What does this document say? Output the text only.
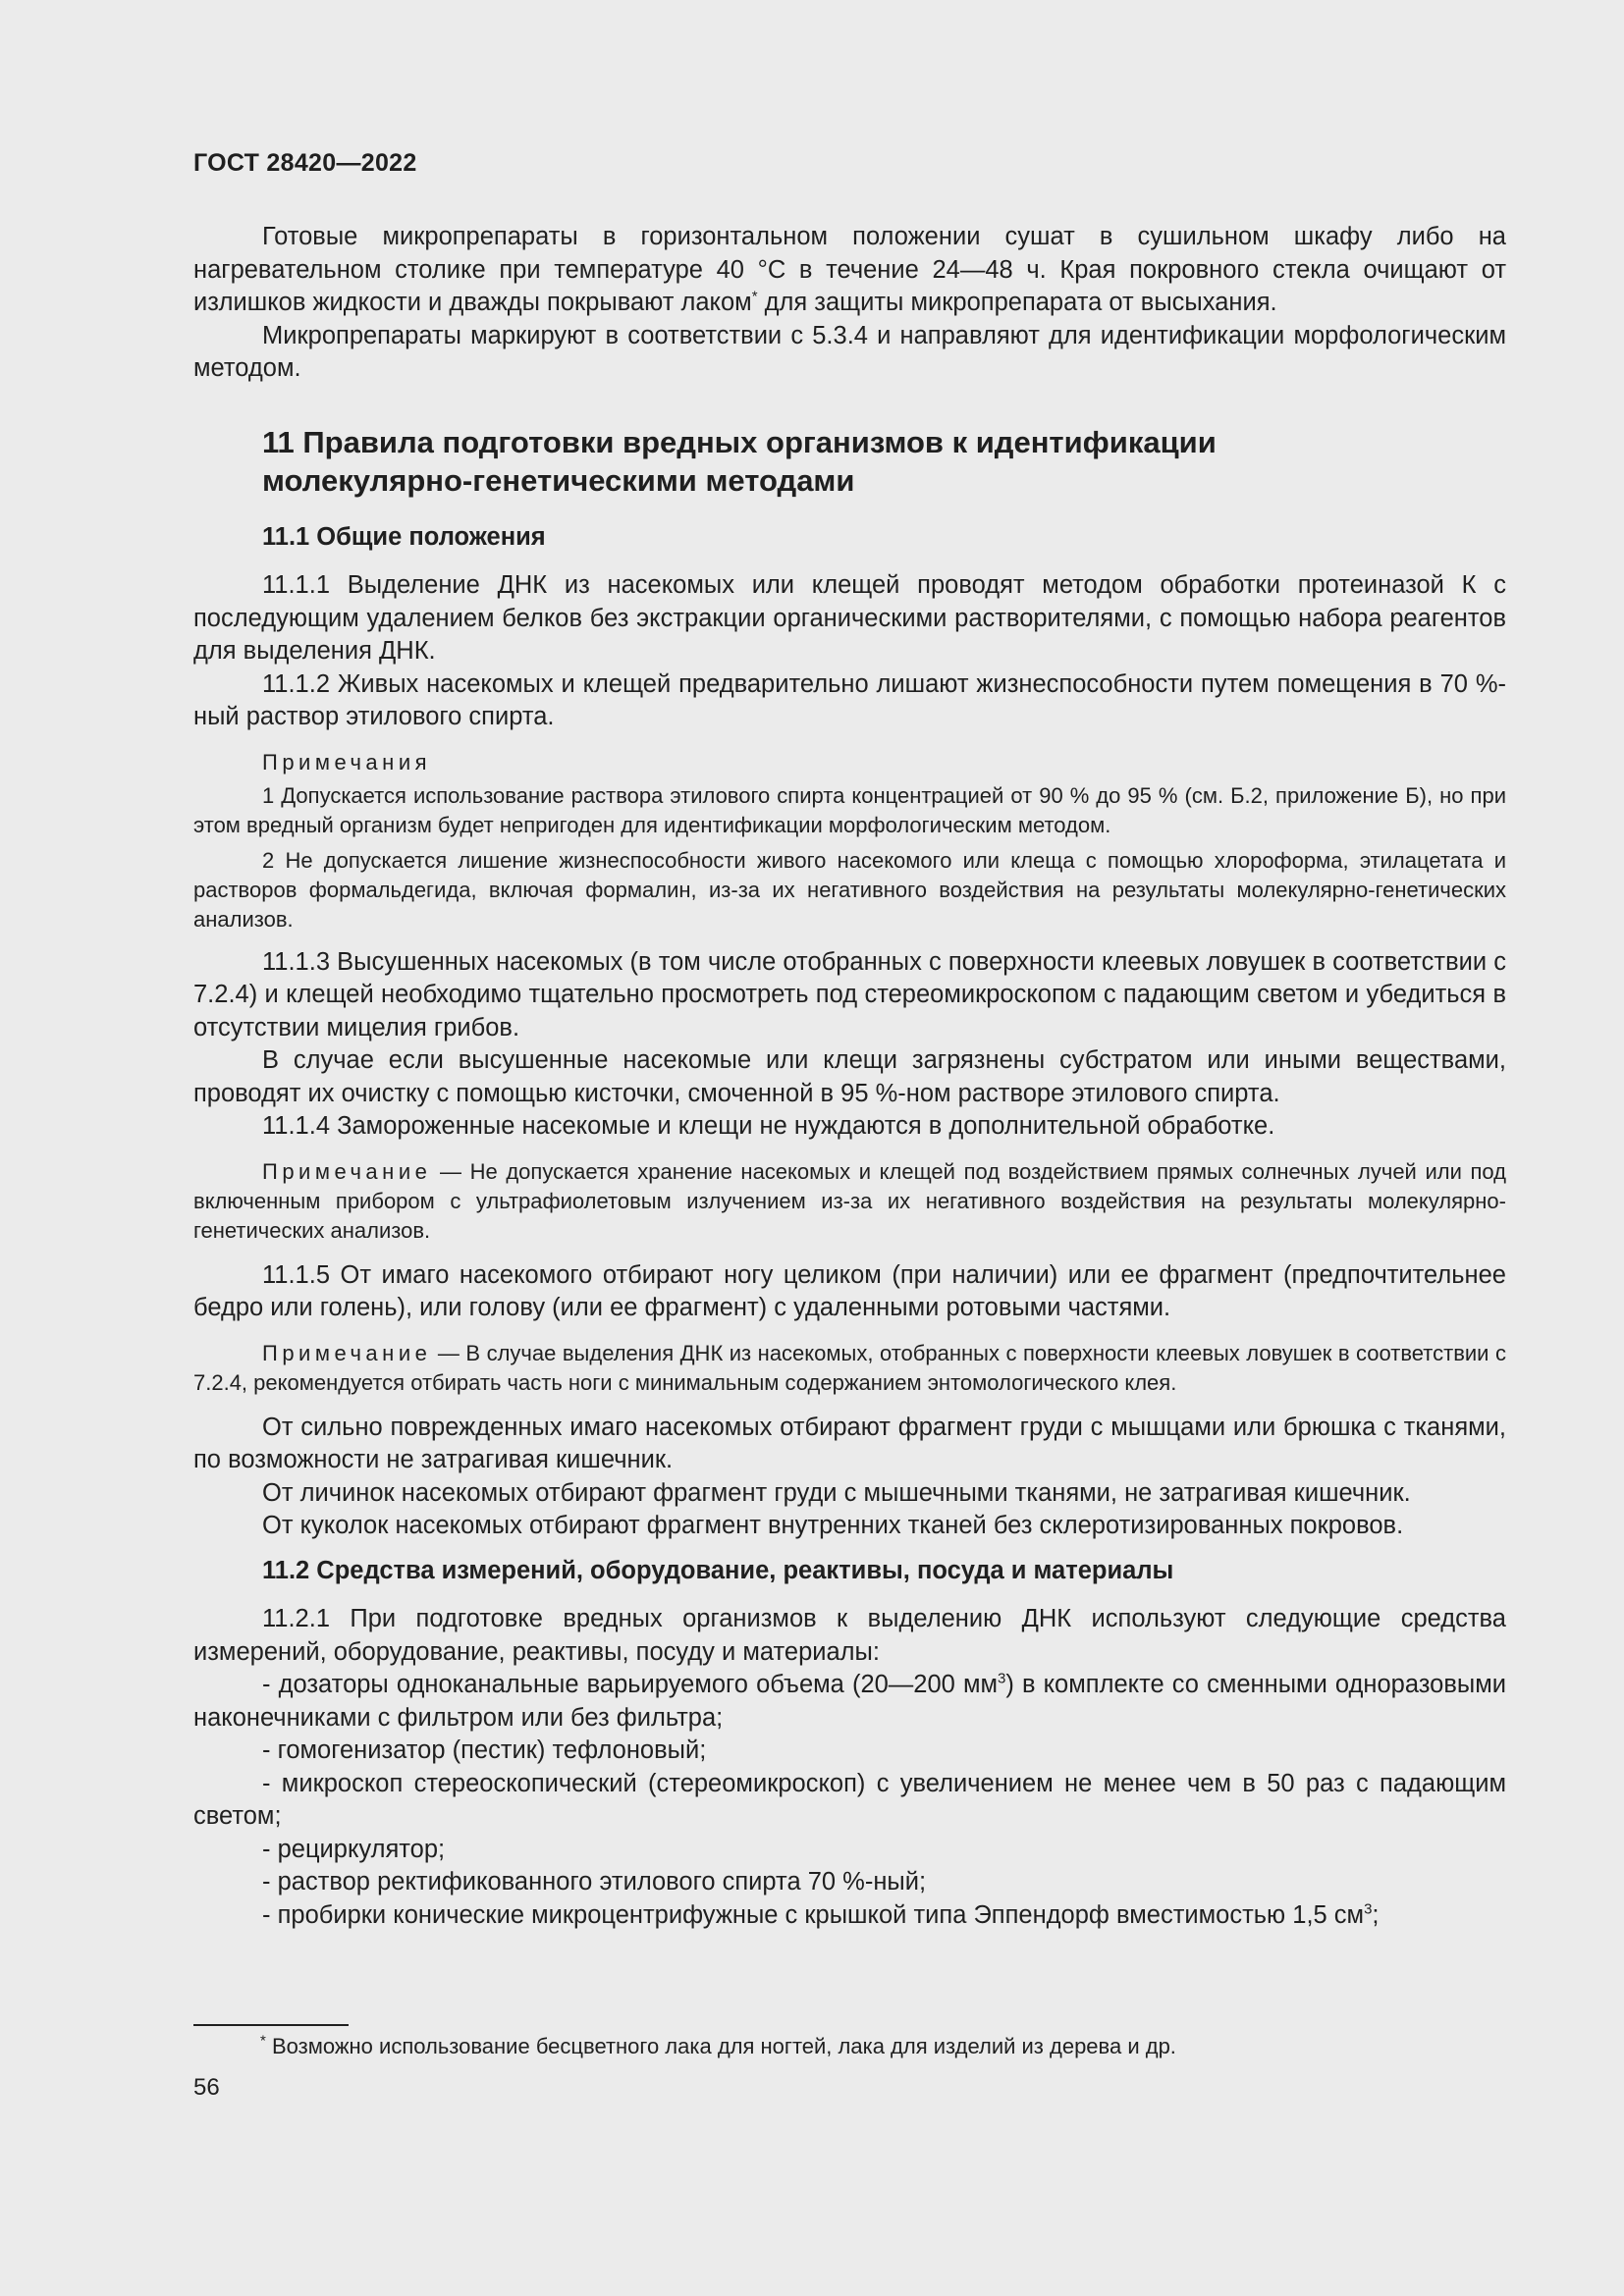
ГОСТ 28420—2022

Готовые микропрепараты в горизонтальном положении сушат в сушильном шкафу либо на нагревательном столике при температуре 40 °С в течение 24—48 ч. Края покровного стекла очищают от излишков жидкости и дважды покрывают лаком* для защиты микропрепарата от высыхания.

Микропрепараты маркируют в соответствии с 5.3.4 и направляют для идентификации морфологическим методом.

11 Правила подготовки вредных организмов к идентификации молекулярно-генетическими методами
11.1 Общие положения

11.1.1 Выделение ДНК из насекомых или клещей проводят методом обработки протеиназой К с последующим удалением белков без экстракции органическими растворителями, с помощью набора реагентов для выделения ДНК.

11.1.2 Живых насекомых и клещей предварительно лишают жизнеспособности путем помещения в 70 %-ный раствор этилового спирта.

Примечания

1 Допускается использование раствора этилового спирта концентрацией от 90 % до 95 % (см. Б.2, приложение Б), но при этом вредный организм будет непригоден для идентификации морфологическим методом.

2 Не допускается лишение жизнеспособности живого насекомого или клеща с помощью хлороформа, этилацетата и растворов формальдегида, включая формалин, из-за их негативного воздействия на результаты молекулярно-генетических анализов.

11.1.3 Высушенных насекомых (в том числе отобранных с поверхности клеевых ловушек в соответствии с 7.2.4) и клещей необходимо тщательно просмотреть под стереомикроскопом с падающим светом и убедиться в отсутствии мицелия грибов.

В случае если высушенные насекомые или клещи загрязнены субстратом или иными веществами, проводят их очистку с помощью кисточки, смоченной в 95 %-ном растворе этилового спирта.

11.1.4 Замороженные насекомые и клещи не нуждаются в дополнительной обработке.

Примечание — Не допускается хранение насекомых и клещей под воздействием прямых солнечных лучей или под включенным прибором с ультрафиолетовым излучением из-за их негативного воздействия на результаты молекулярно-генетических анализов.

11.1.5 От имаго насекомого отбирают ногу целиком (при наличии) или ее фрагмент (предпочтительнее бедро или голень), или голову (или ее фрагмент) с удаленными ротовыми частями.

Примечание — В случае выделения ДНК из насекомых, отобранных с поверхности клеевых ловушек в соответствии с 7.2.4, рекомендуется отбирать часть ноги с минимальным содержанием энтомологического клея.

От сильно поврежденных имаго насекомых отбирают фрагмент груди с мышцами или брюшка с тканями, по возможности не затрагивая кишечник.

От личинок насекомых отбирают фрагмент груди с мышечными тканями, не затрагивая кишечник.

От куколок насекомых отбирают фрагмент внутренних тканей без склеротизированных покровов.

11.2 Средства измерений, оборудование, реактивы, посуда и материалы

11.2.1 При подготовке вредных организмов к выделению ДНК используют следующие средства измерений, оборудование, реактивы, посуду и материалы:

- дозаторы одноканальные варьируемого объема (20—200 $мм^3$) в комплекте со сменными одноразовыми наконечниками с фильтром или без фильтра;

- гомогенизатор (пестик) тефлоновый;

- микроскоп стереоскопический (стереомикроскоп) с увеличением не менее чем в 50 раз с падающим светом;

- рециркулятор;

- раствор ректификованного этилового спирта 70 %-ный;

- пробирки конические микроцентрифужные с крышкой типа Эппендорф вместимостью 1,5 $см^3$;

* Возможно использование бесцветного лака для ногтей, лака для изделий из дерева и др.
56
